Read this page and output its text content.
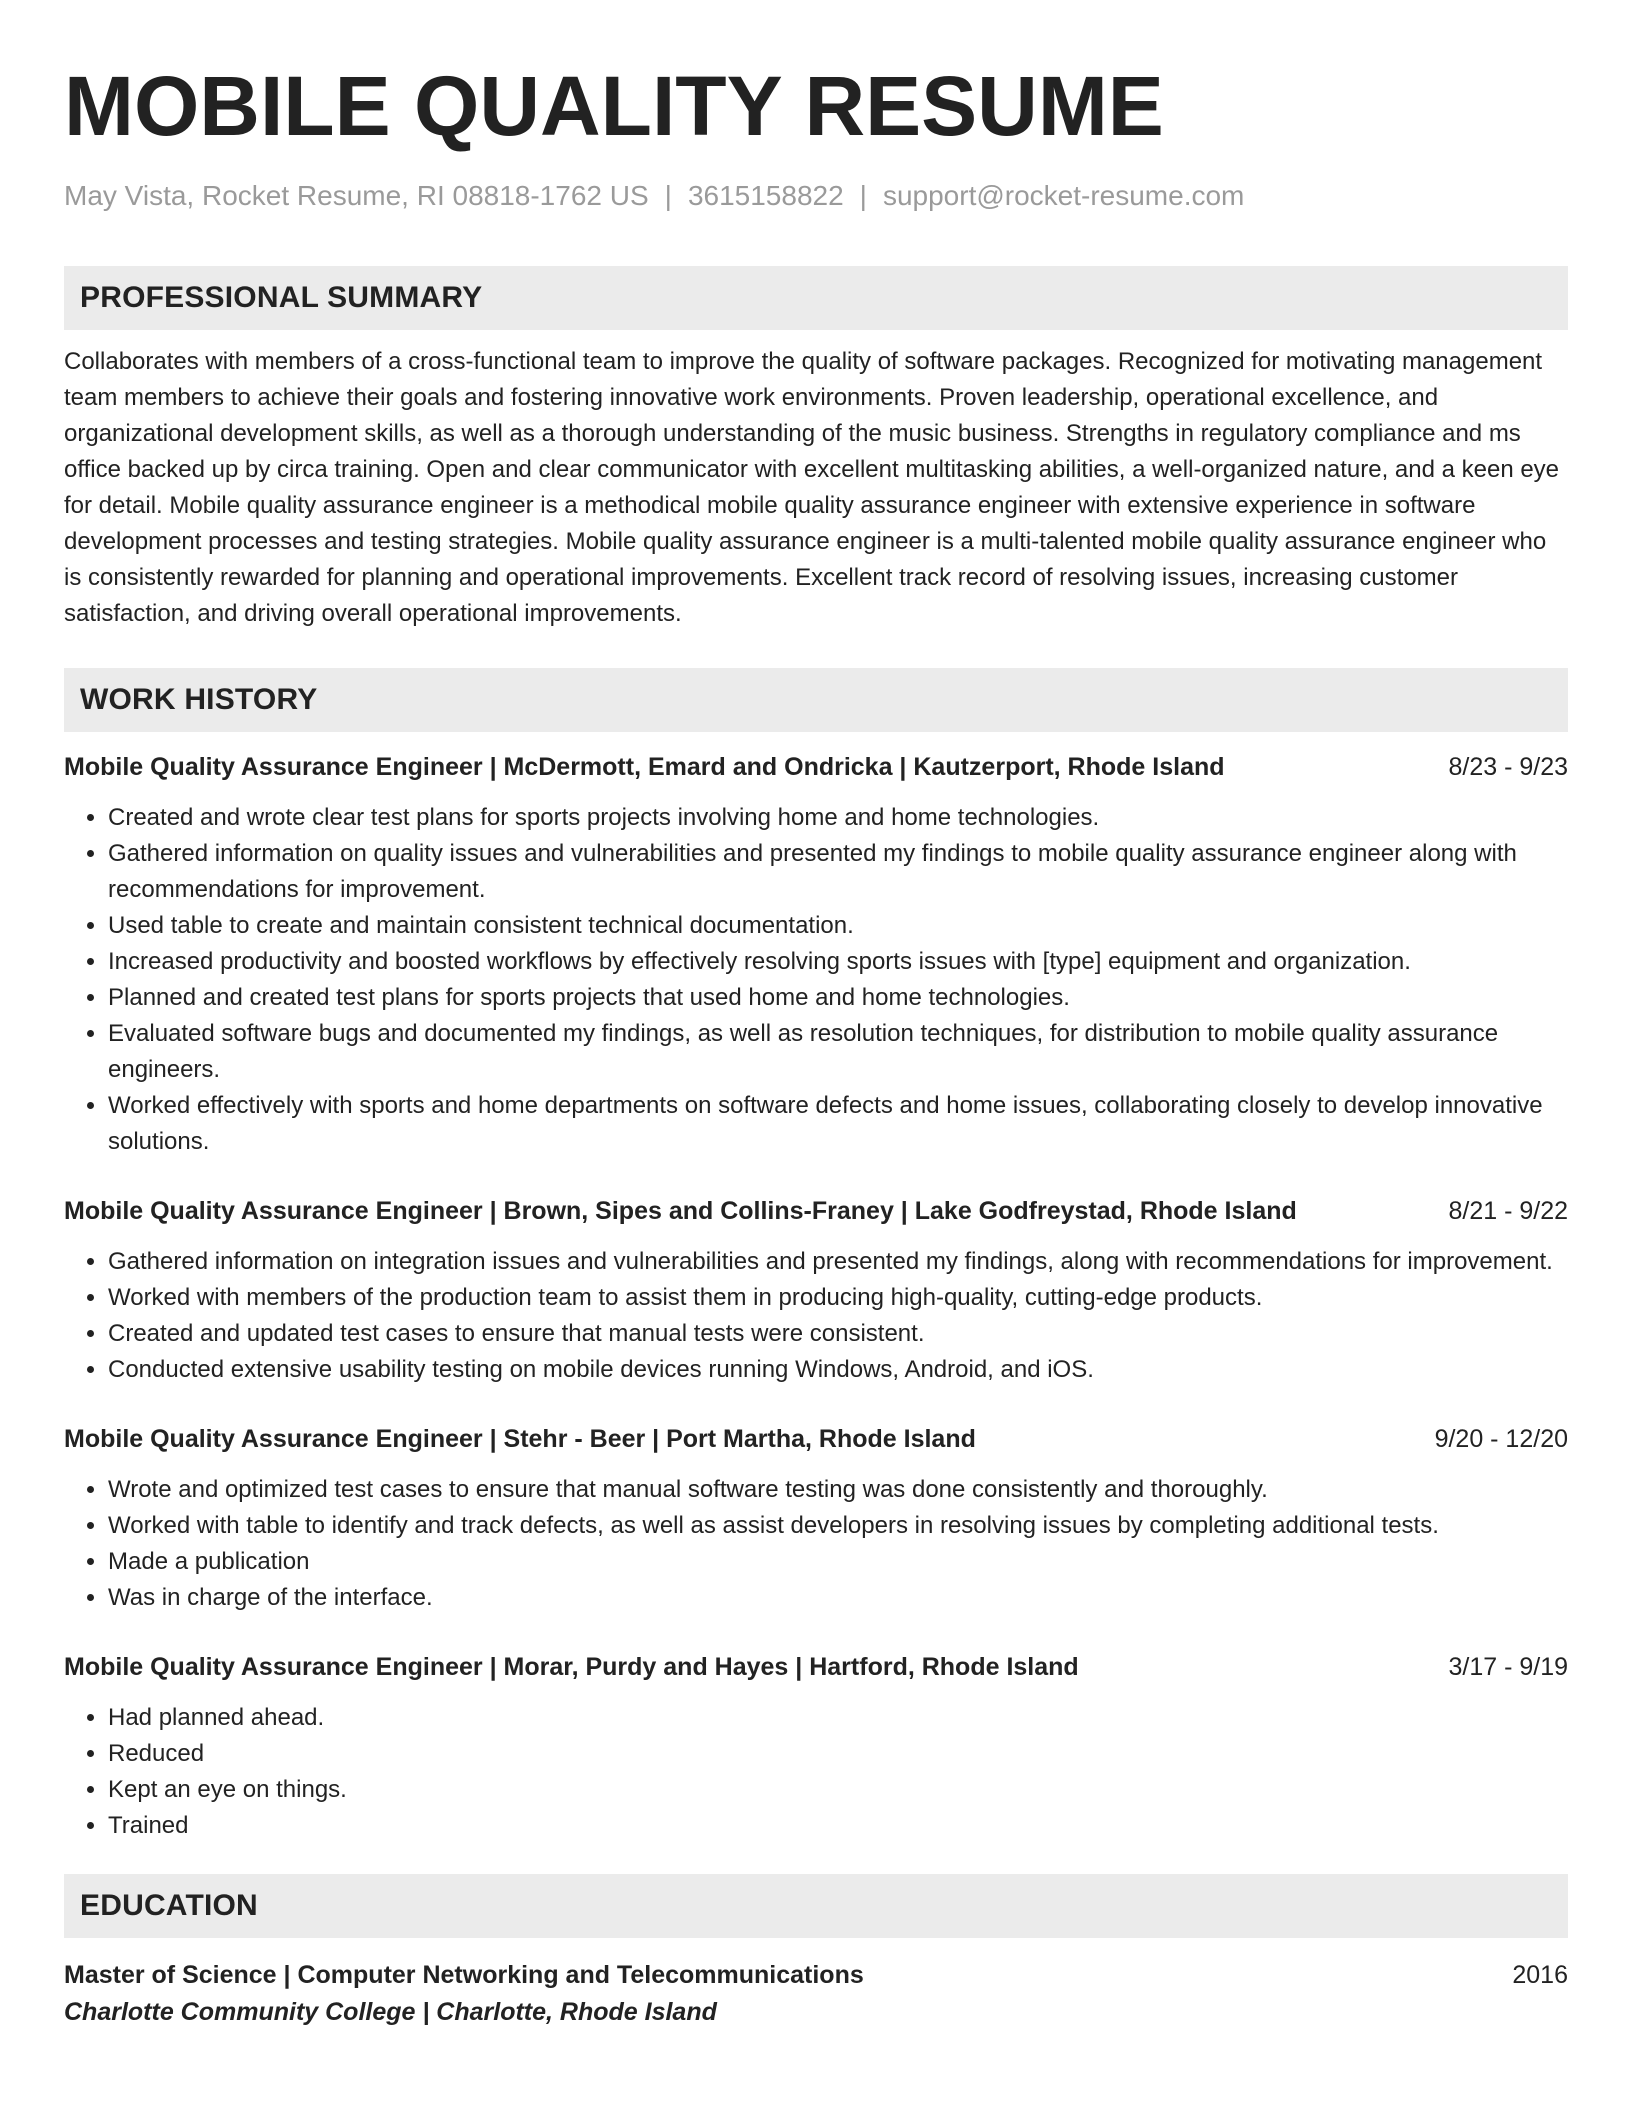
MOBILE QUALITY RESUME
May Vista, Rocket Resume, RI 08818-1762 US | 3615158822 | support@rocket-resume.com
PROFESSIONAL SUMMARY
Collaborates with members of a cross-functional team to improve the quality of software packages. Recognized for motivating management team members to achieve their goals and fostering innovative work environments. Proven leadership, operational excellence, and organizational development skills, as well as a thorough understanding of the music business. Strengths in regulatory compliance and ms office backed up by circa training. Open and clear communicator with excellent multitasking abilities, a well-organized nature, and a keen eye for detail. Mobile quality assurance engineer is a methodical mobile quality assurance engineer with extensive experience in software development processes and testing strategies. Mobile quality assurance engineer is a multi-talented mobile quality assurance engineer who is consistently rewarded for planning and operational improvements. Excellent track record of resolving issues, increasing customer satisfaction, and driving overall operational improvements.
WORK HISTORY
Mobile Quality Assurance Engineer | McDermott, Emard and Ondricka | Kautzerport, Rhode Island	8/23 - 9/23
• Created and wrote clear test plans for sports projects involving home and home technologies.
• Gathered information on quality issues and vulnerabilities and presented my findings to mobile quality assurance engineer along with recommendations for improvement.
• Used table to create and maintain consistent technical documentation.
• Increased productivity and boosted workflows by effectively resolving sports issues with [type] equipment and organization.
• Planned and created test plans for sports projects that used home and home technologies.
• Evaluated software bugs and documented my findings, as well as resolution techniques, for distribution to mobile quality assurance engineers.
• Worked effectively with sports and home departments on software defects and home issues, collaborating closely to develop innovative solutions.
Mobile Quality Assurance Engineer | Brown, Sipes and Collins-Franey | Lake Godfreystad, Rhode Island	8/21 - 9/22
• Gathered information on integration issues and vulnerabilities and presented my findings, along with recommendations for improvement.
• Worked with members of the production team to assist them in producing high-quality, cutting-edge products.
• Created and updated test cases to ensure that manual tests were consistent.
• Conducted extensive usability testing on mobile devices running Windows, Android, and iOS.
Mobile Quality Assurance Engineer | Stehr - Beer | Port Martha, Rhode Island	9/20 - 12/20
• Wrote and optimized test cases to ensure that manual software testing was done consistently and thoroughly.
• Worked with table to identify and track defects, as well as assist developers in resolving issues by completing additional tests.
• Made a publication
• Was in charge of the interface.
Mobile Quality Assurance Engineer | Morar, Purdy and Hayes | Hartford, Rhode Island	3/17 - 9/19
• Had planned ahead.
• Reduced
• Kept an eye on things.
• Trained
EDUCATION
Master of Science | Computer Networking and Telecommunications	2016
Charlotte Community College | Charlotte, Rhode Island
